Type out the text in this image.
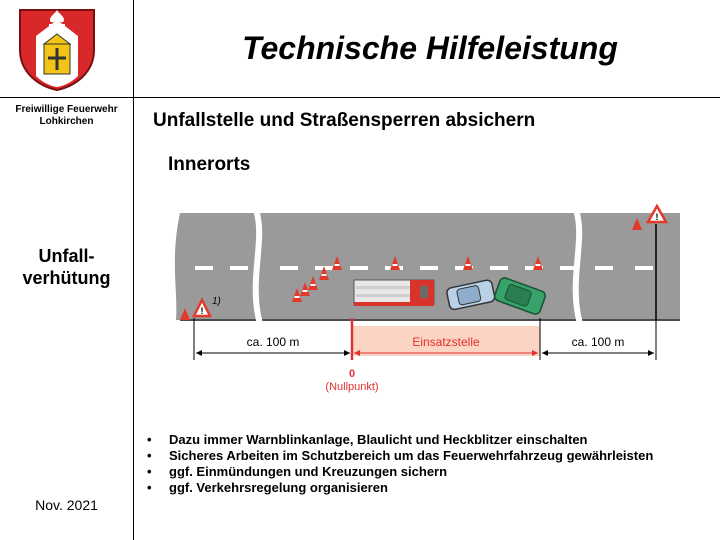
Technische Hilfeleistung
Freiwillige Feuerwehr
Lohkirchen
Unfall-
verhütung
Nov. 2021
Unfallstelle und Straßensperren absichern
Innerorts
!
1)
!
ca. 100 m	Einsatzstelle	ca. 100 m
0
(Nullpunkt)
• Dazu immer Warnblinkanlage, Blaulicht und Heckblitzer einschalten
• Sicheres Arbeiten im Schutzbereich um das Feuerwehrfahrzeug gewährleisten
• ggf. Einmündungen und Kreuzungen sichern
• ggf. Verkehrsregelung organisieren
